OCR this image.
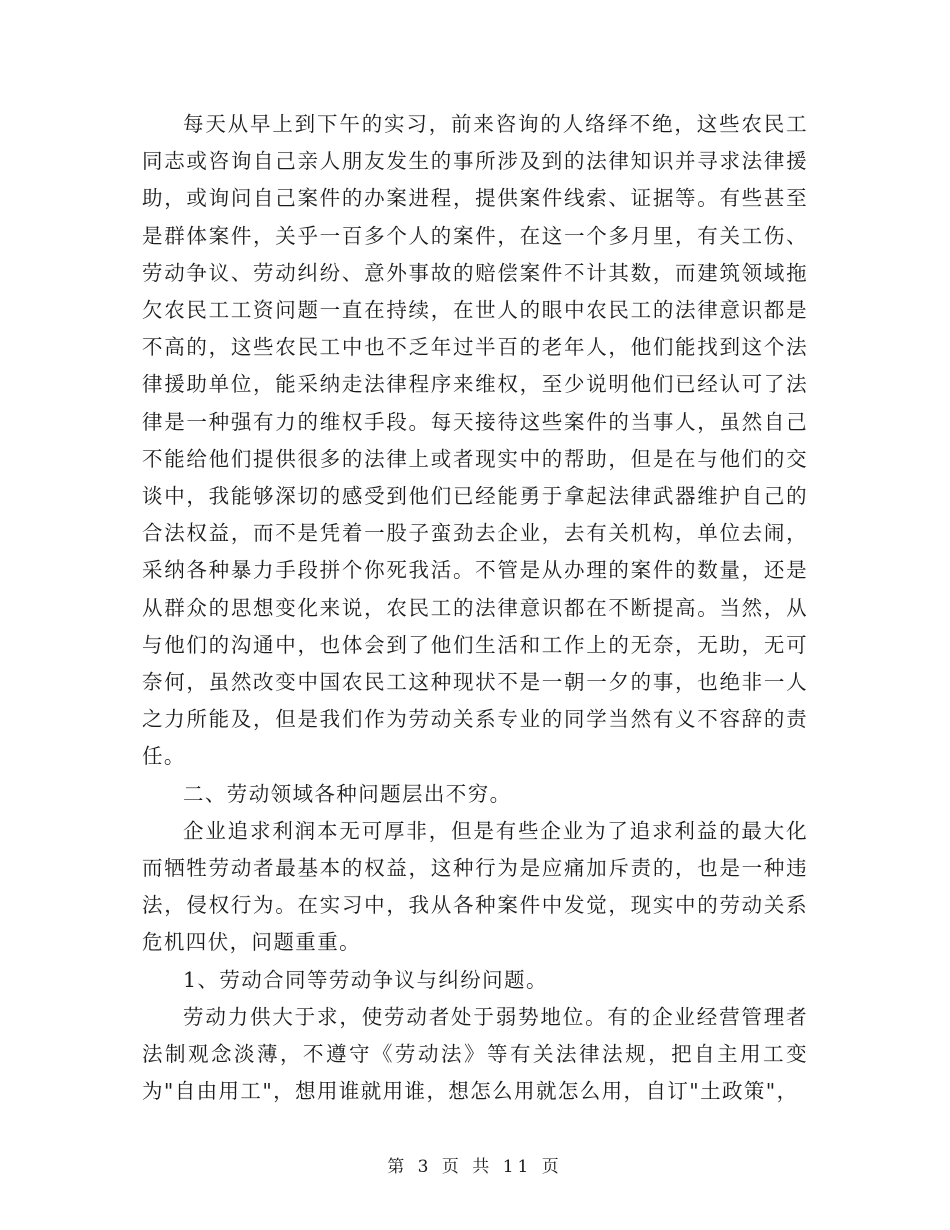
每天从早上到下午的实习，前来咨询的人络绎不绝，这些农民工同志或咨询自己亲人朋友发生的事所涉及到的法律知识并寻求法律援助，或询问自己案件的办案进程，提供案件线索、证据等。有些甚至是群体案件，关乎一百多个人的案件，在这一个多月里，有关工伤、劳动争议、劳动纠纷、意外事故的赔偿案件不计其数，而建筑领域拖欠农民工工资问题一直在持续，在世人的眼中农民工的法律意识都是不高的，这些农民工中也不乏年过半百的老年人，他们能找到这个法律援助单位，能采纳走法律程序来维权，至少说明他们已经认可了法律是一种强有力的维权手段。每天接待这些案件的当事人，虽然自己不能给他们提供很多的法律上或者现实中的帮助，但是在与他们的交谈中，我能够深切的感受到他们已经能勇于拿起法律武器维护自己的合法权益，而不是凭着一股子蛮劲去企业，去有关机构，单位去闹，采纳各种暴力手段拼个你死我活。不管是从办理的案件的数量，还是从群众的思想变化来说，农民工的法律意识都在不断提高。当然，从与他们的沟通中，也体会到了他们生活和工作上的无奈，无助，无可奈何，虽然改变中国农民工这种现状不是一朝一夕的事，也绝非一人之力所能及，但是我们作为劳动关系专业的同学当然有义不容辞的责任。

二、劳动领域各种问题层出不穷。

企业追求利润本无可厚非，但是有些企业为了追求利益的最大化而牺牲劳动者最基本的权益，这种行为是应痛加斥责的，也是一种违法，侵权行为。在实习中，我从各种案件中发觉，现实中的劳动关系危机四伏，问题重重。

1、劳动合同等劳动争议与纠纷问题。

劳动力供大于求，使劳动者处于弱势地位。有的企业经营管理者法制观念淡薄，不遵守《劳动法》等有关法律法规，把自主用工变为"自由用工"，想用谁就用谁，想怎么用就怎么用，自订"土政策"，

第 3 页 共 11 页
